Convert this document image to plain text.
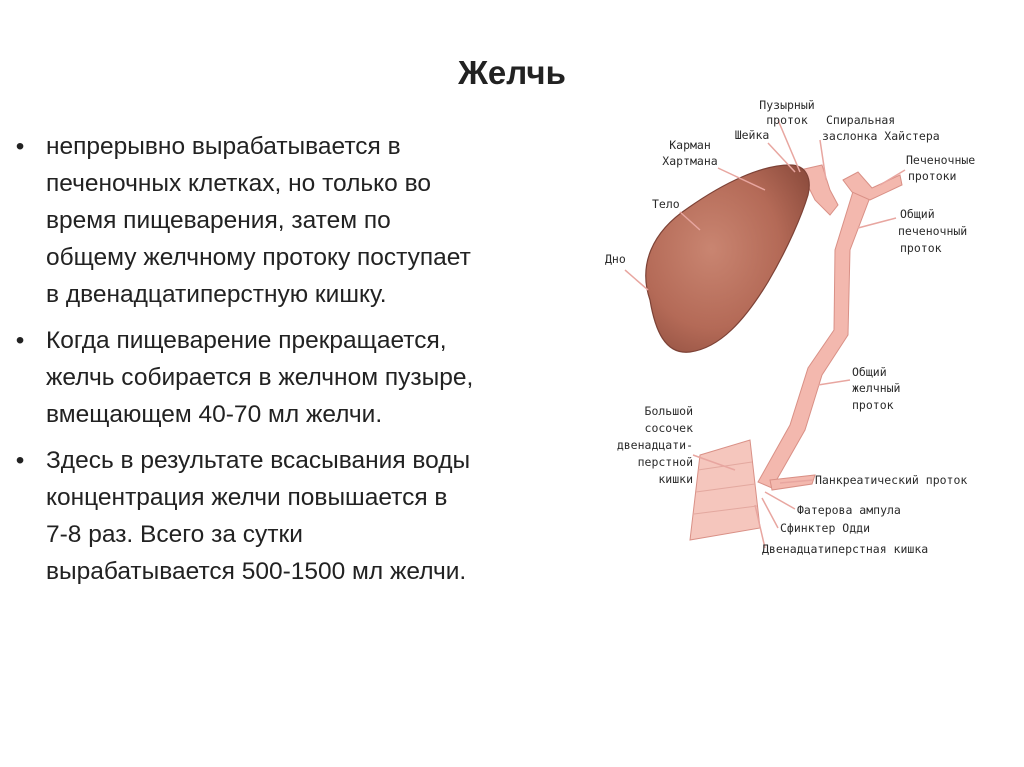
Желчь
• непрерывно вырабатывается в
печеночных клетках, но только во
время пищеварения, затем по
общему желчному протоку поступает
в двенадцатиперстную кишку.
• Когда пищеварение прекращается,
желчь собирается в желчном пузыре,
вмещающем 40-70 мл желчи.
• Здесь в результате всасывания воды
концентрация желчи повышается в
7-8 раз. Всего за сутки
вырабатывается 500-1500 мл желчи.
Пузырный проток
Шейка
Спиральная заслонка Хайстера
Карман Хартмана	Печеночные протоки
Тело
Общий печеночный проток
Дно
Общий желчный проток
Большой сосочек двенадцати-перстной кишки	Панкреатический проток
Фатерова ампула
Сфинктер Одди
Двенадцатиперстная кишка
